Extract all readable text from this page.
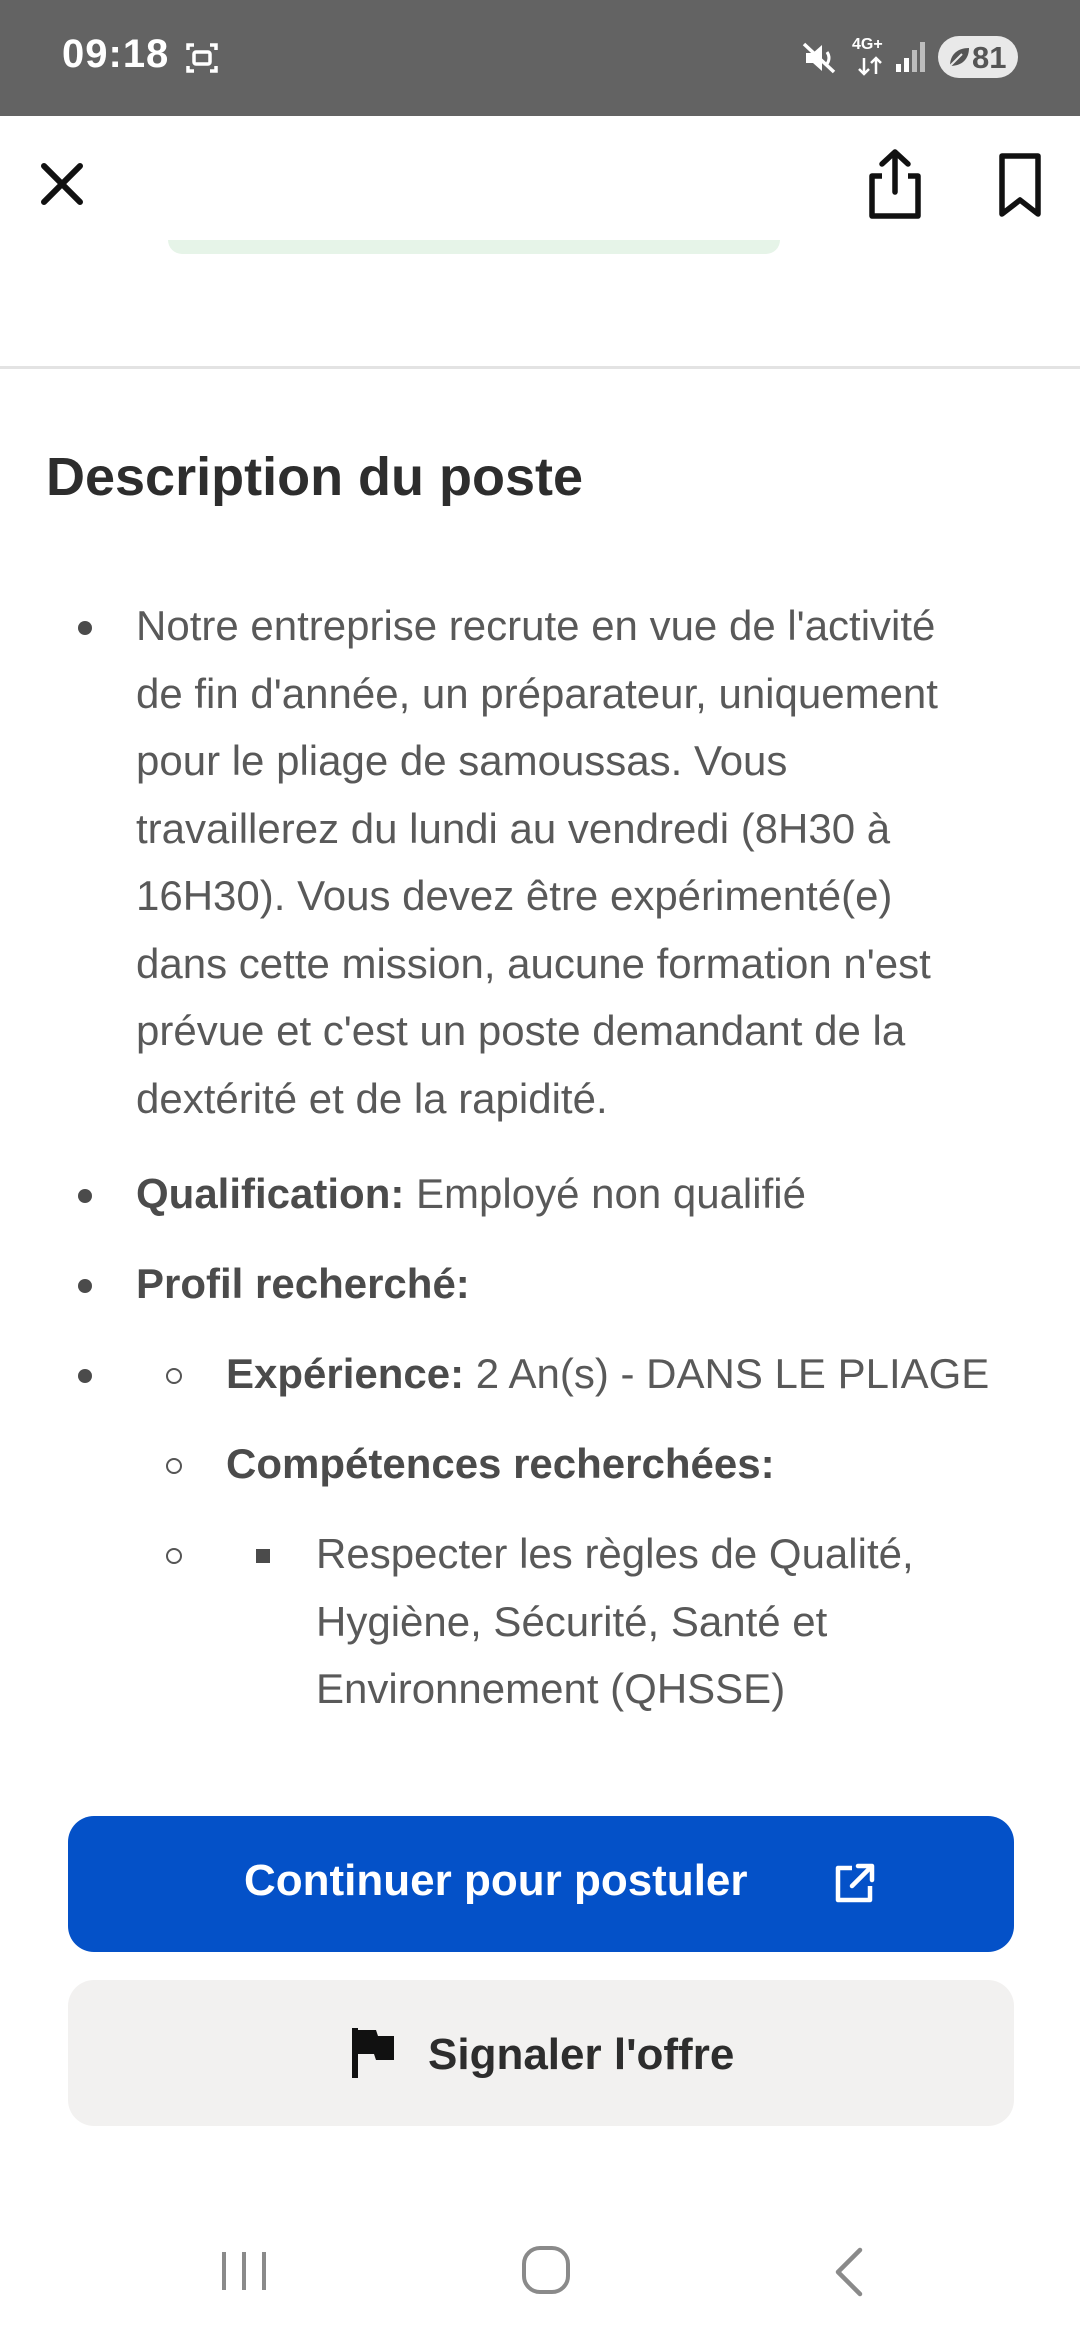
09:18	4G+	81
Description du poste
Notre entreprise recrute en vue de l'activité
de fin d'année, un préparateur, uniquement
pour le pliage de samoussas. Vous
travaillerez du lundi au vendredi (8H30 à
16H30). Vous devez être expérimenté(e)
dans cette mission, aucune formation n'est
prévue et c'est un poste demandant de la
dextérité et de la rapidité.
Qualification: Employé non qualifié
Profil recherché:
Expérience: 2 An(s) - DANS LE PLIAGE
Compétences recherchées:
Respecter les règles de Qualité,
Hygiène, Sécurité, Santé et
Environnement (QHSSE)
Continuer pour postuler
Signaler l'offre
